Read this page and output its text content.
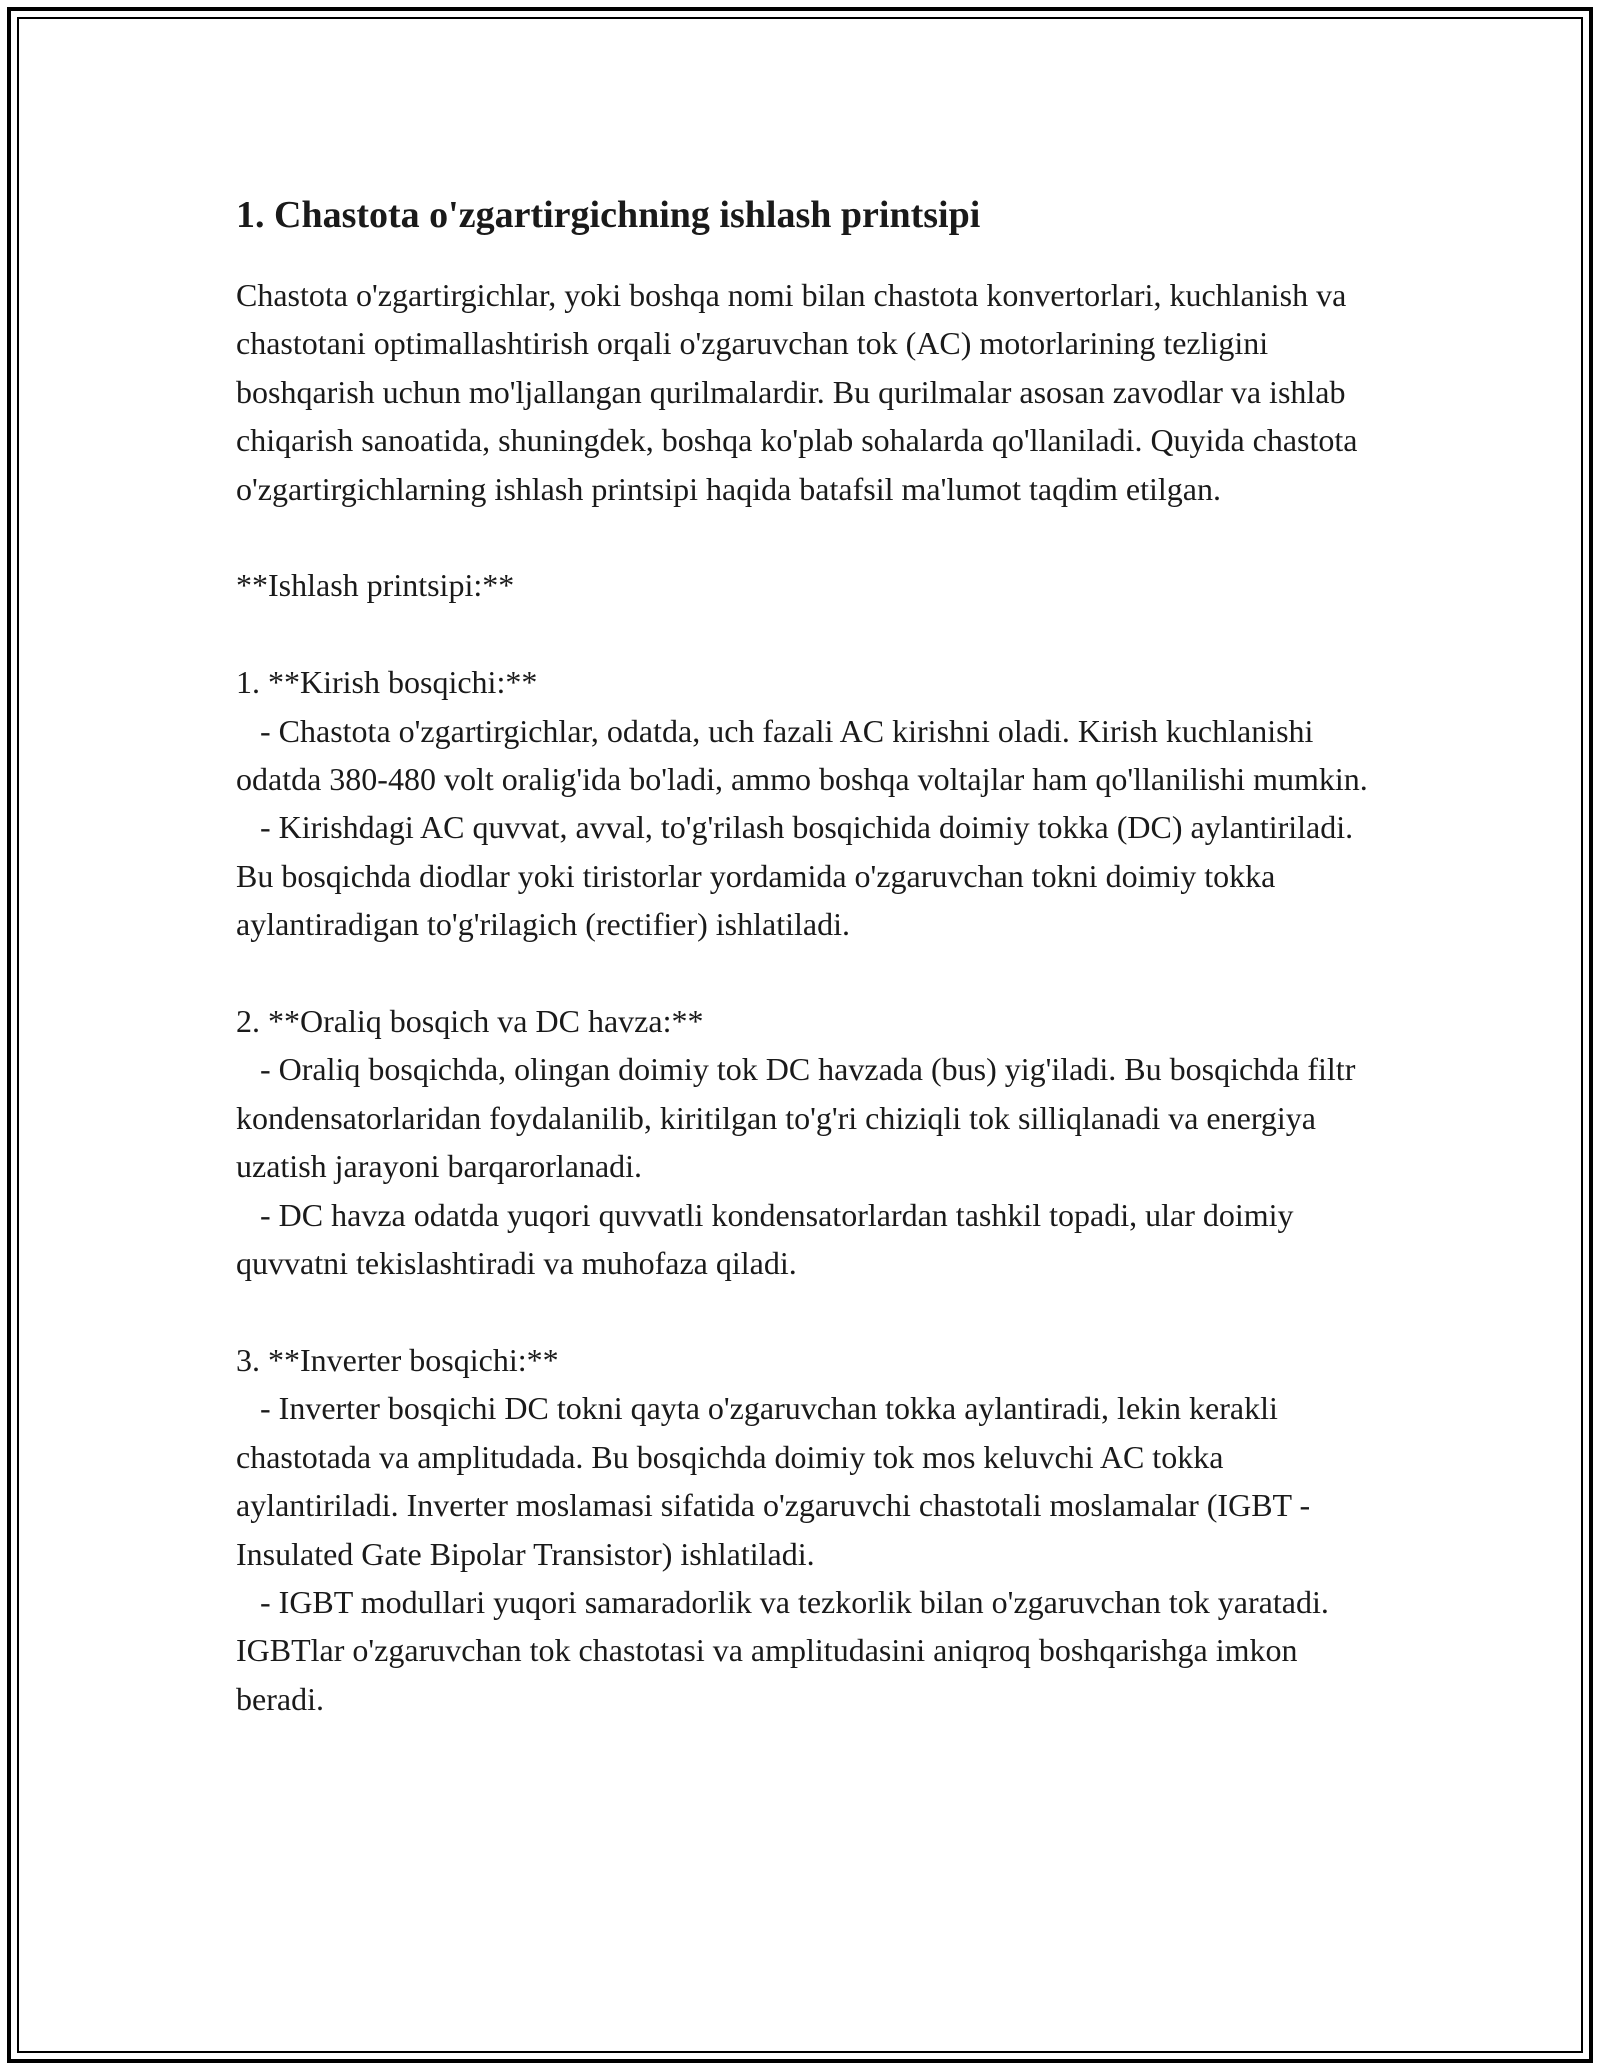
1. Chastota o'zgartirgichning ishlash printsipi

Chastota o'zgartirgichlar, yoki boshqa nomi bilan chastota konvertorlari, kuchlanish va chastotani optimallashtirish orqali o'zgaruvchan tok (AC) motorlarining tezligini boshqarish uchun mo'ljallangan qurilmalardir. Bu qurilmalar asosan zavodlar va ishlab chiqarish sanoatida, shuningdek, boshqa ko'plab sohalarda qo'llaniladi. Quyida chastota o'zgartirgichlarning ishlash printsipi haqida batafsil ma'lumot taqdim etilgan.

**Ishlash printsipi:**

1. **Kirish bosqichi:**

- Chastota o'zgartirgichlar, odatda, uch fazali AC kirishni oladi. Kirish kuchlanishi odatda 380-480 volt oralig'ida bo'ladi, ammo boshqa voltajlar ham qo'llanilishi mumkin.

- Kirishdagi AC quvvat, avval, to'g'rilash bosqichida doimiy tokka (DC) aylantiriladi. Bu bosqichda diodlar yoki tiristorlar yordamida o'zgaruvchan tokni doimiy tokka aylantiradigan to'g'rilagich (rectifier) ishlatiladi.

2. **Oraliq bosqich va DC havza:**

- Oraliq bosqichda, olingan doimiy tok DC havzada (bus) yig'iladi. Bu bosqichda filtr kondensatorlaridan foydalanilib, kiritilgan to'g'ri chiziqli tok silliqlanadi va energiya uzatish jarayoni barqarorlanadi.

- DC havza odatda yuqori quvvatli kondensatorlardan tashkil topadi, ular doimiy quvvatni tekislashtiradi va muhofaza qiladi.

3. **Inverter bosqichi:**

- Inverter bosqichi DC tokni qayta o'zgaruvchan tokka aylantiradi, lekin kerakli chastotada va amplitudada. Bu bosqichda doimiy tok mos keluvchi AC tokka aylantiriladi. Inverter moslamasi sifatida o'zgaruvchi chastotali moslamalar (IGBT - Insulated Gate Bipolar Transistor) ishlatiladi.

- IGBT modullari yuqori samaradorlik va tezkorlik bilan o'zgaruvchan tok yaratadi. IGBTlar o'zgaruvchan tok chastotasi va amplitudasini aniqroq boshqarishga imkon beradi.
